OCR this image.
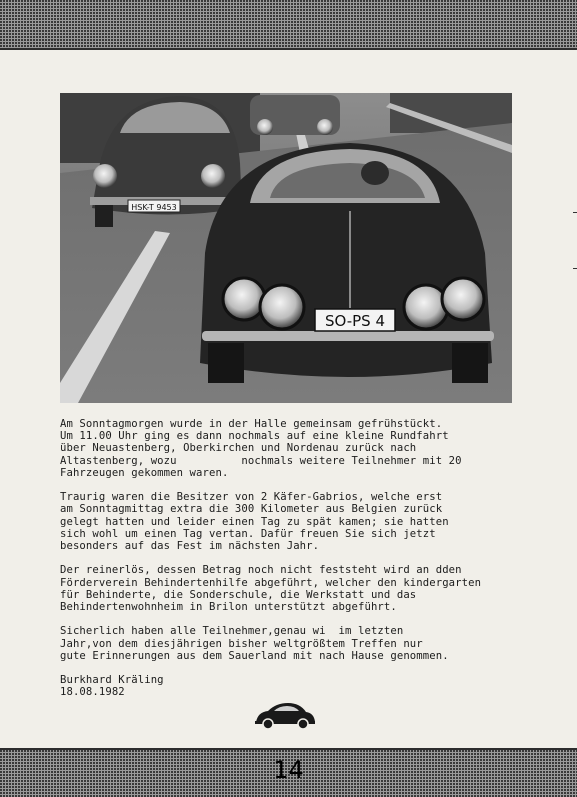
HSK-T 9453
SO-PS 4

Am Sonntagmorgen wurde in der Halle gemeinsam gefrühstückt.
Um 11.00 Uhr ging es dann nochmals auf eine kleine Rundfahrt
über Neuastenberg, Oberkirchen und Nordenau zurück nach
Altastenberg, wozu          nochmals weitere Teilnehmer mit 20
Fahrzeugen gekommen waren.

Traurig waren die Besitzer von 2 Käfer-Gabrios, welche erst
am Sonntagmittag extra die 300 Kilometer aus Belgien zurück
gelegt hatten und leider einen Tag zu spät kamen; sie hatten
sich wohl um einen Tag vertan. Dafür freuen Sie sich jetzt
besonders auf das Fest im nächsten Jahr.

Der reinerlös, dessen Betrag noch nicht feststeht wird an dden
Förderverein Behindertenhilfe abgeführt, welcher den kindergarten
für Behinderte, die Sonderschule, die Werkstatt und das
Behindertenwohnheim in Brilon unterstützt abgeführt.

Sicherlich haben alle Teilnehmer,genau wi  im letzten
Jahr,von dem diesjährigen bisher weltgrößtem Treffen nur
gute Erinnerungen aus dem Sauerland mit nach Hause genommen.

Burkhard Kräling

18.08.1982

14
